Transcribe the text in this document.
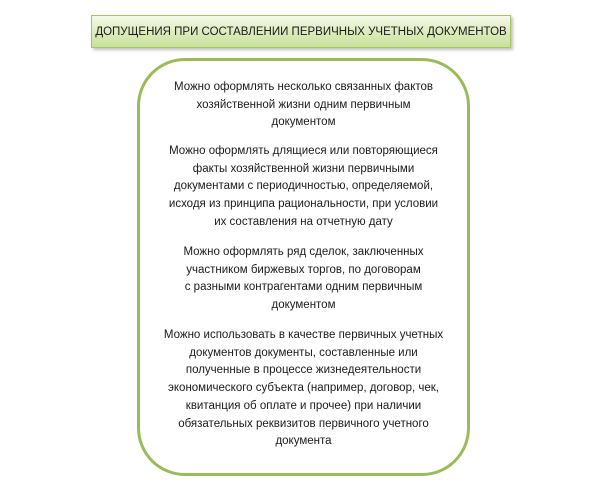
ДОПУЩЕНИЯ ПРИ СОСТАВЛЕНИИ ПЕРВИЧНЫХ УЧЕТНЫХ ДОКУМЕНТОВ
Можно оформлять несколько связанных фактов
хозяйственной жизни одним первичным
документом
Можно оформлять длящиеся или повторяющиеся
факты хозяйственной жизни первичными
документами с периодичностью, определяемой,
исходя из принципа рациональности, при условии
их составления на отчетную дату
Можно оформлять ряд сделок, заключенных
участником биржевых торгов, по договорам
с разными контрагентами одним первичным
документом
Можно использовать в качестве первичных учетных
документов документы, составленные или
полученные в процессе жизнедеятельности
экономического субъекта (например, договор, чек,
квитанция об оплате и прочее) при наличии
обязательных реквизитов первичного учетного
документа
